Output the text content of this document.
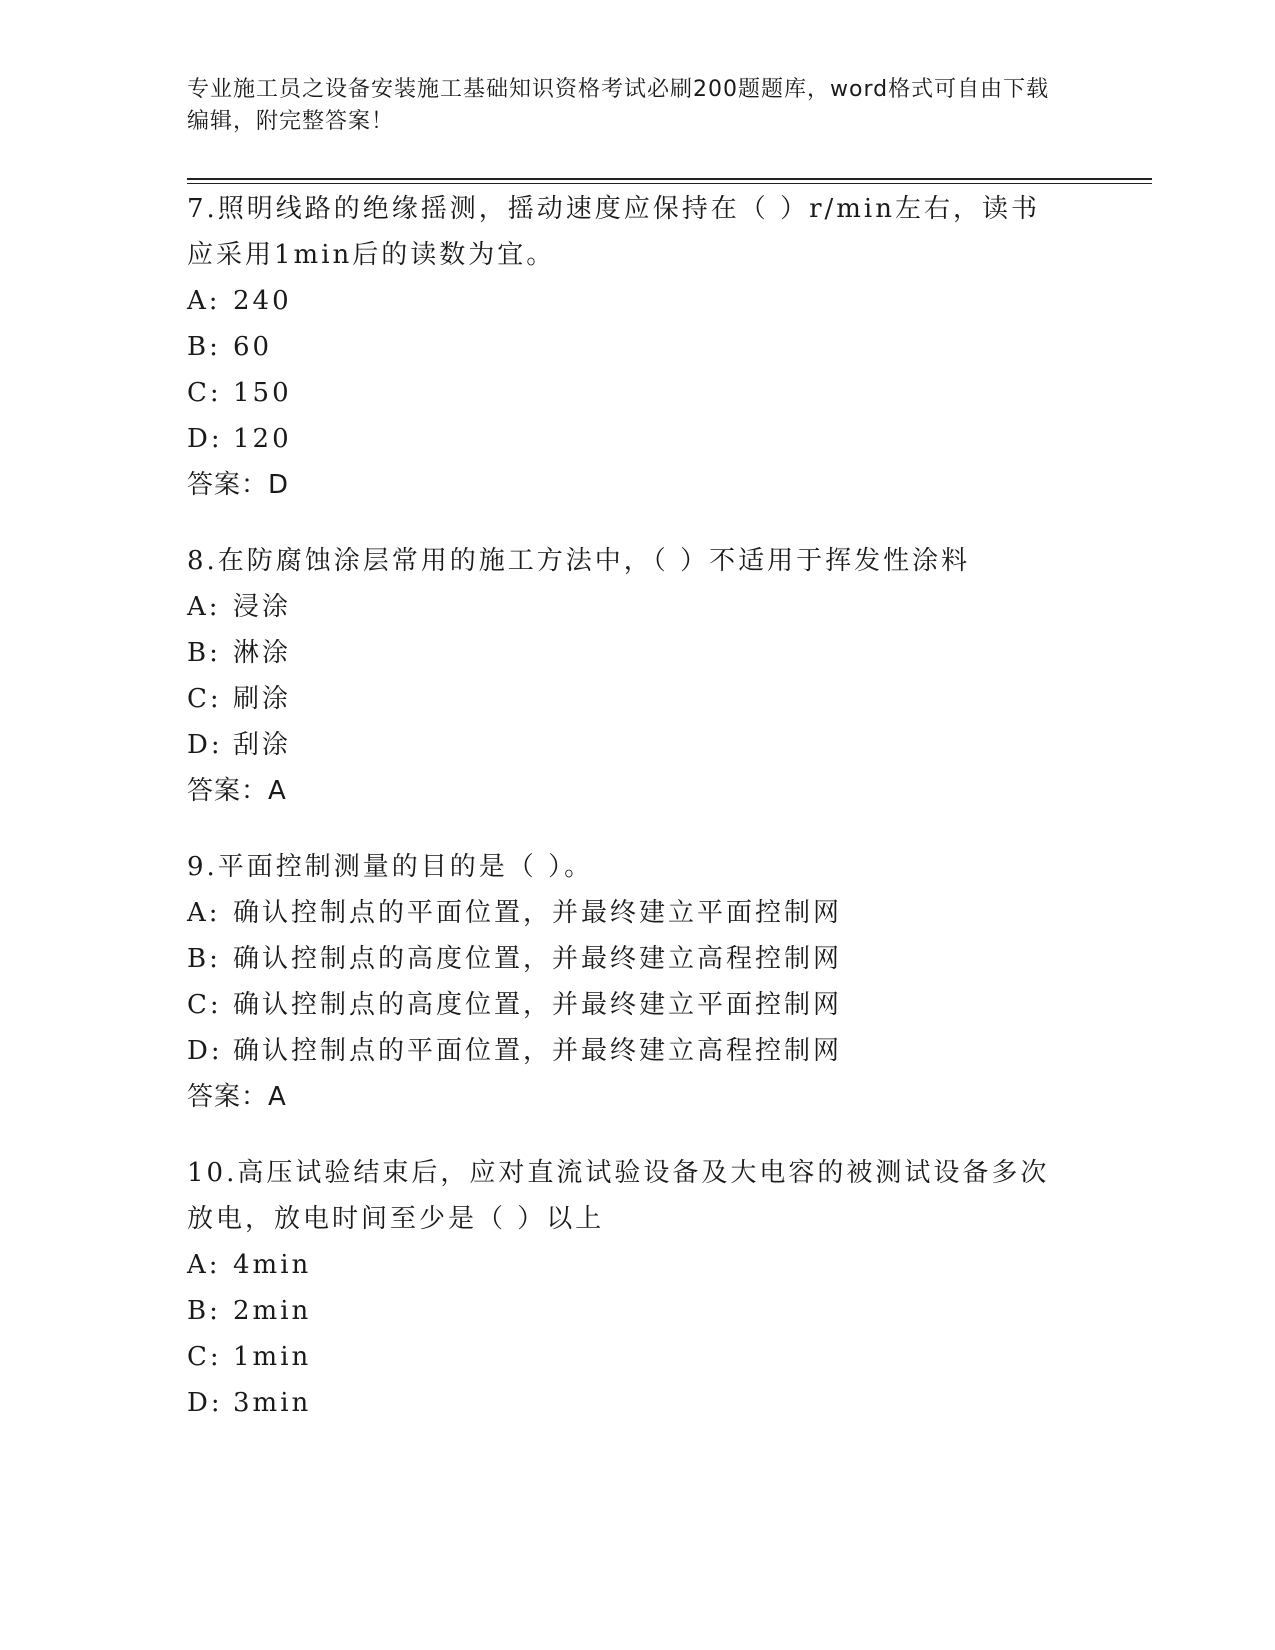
专业施工员之设备安装施工基础知识资格考试必刷200题题库，word格式可自由下载编辑，附完整答案！

7.照明线路的绝缘摇测，摇动速度应保持在（ ）r/min左右，读书应采用1min后的读数为宜。

A: 240

B: 60

C: 150

D: 120

答案：D

8.在防腐蚀涂层常用的施工方法中，（ ）不适用于挥发性涂料

A: 浸涂

B: 淋涂

C: 刷涂

D: 刮涂

答案：A

9.平面控制测量的目的是（ ）。

A: 确认控制点的平面位置，并最终建立平面控制网

B: 确认控制点的高度位置，并最终建立高程控制网

C: 确认控制点的高度位置，并最终建立平面控制网

D: 确认控制点的平面位置，并最终建立高程控制网

答案：A

10.高压试验结束后，应对直流试验设备及大电容的被测试设备多次放电，放电时间至少是（ ）以上

A: 4min

B: 2min

C: 1min

D: 3min
